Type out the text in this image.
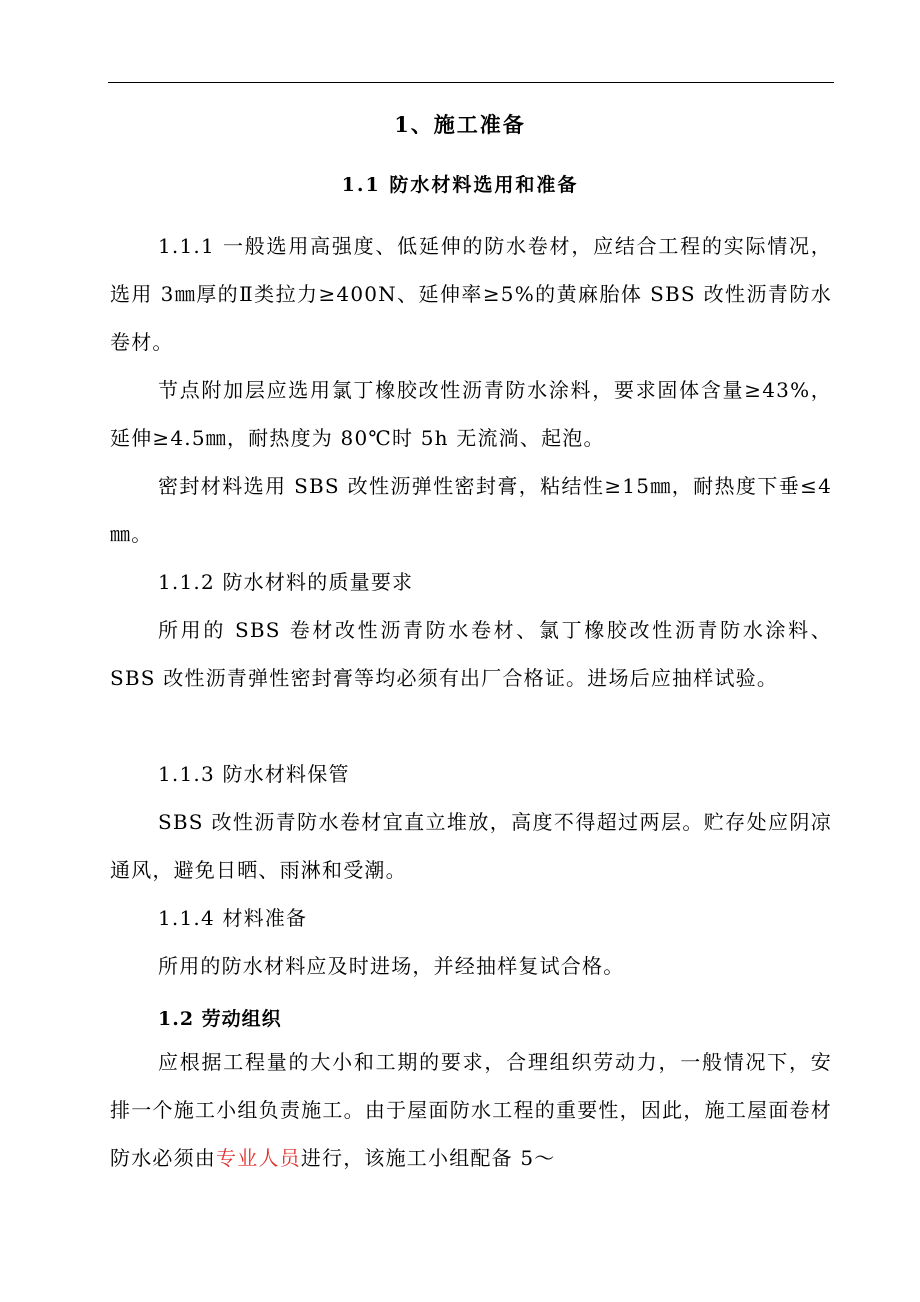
1、施工准备
1.1 防水材料选用和准备

1.1.1 一般选用高强度、低延伸的防水卷材，应结合工程的实际情况，选用 3㎜厚的Ⅱ类拉力≥400N、延伸率≥5%的黄麻胎体 SBS 改性沥青防水卷材。

节点附加层应选用氯丁橡胶改性沥青防水涂料，要求固体含量≥43%，延伸≥4.5㎜，耐热度为 80℃时 5h 无流淌、起泡。

密封材料选用 SBS 改性沥弹性密封膏，粘结性≥15㎜，耐热度下垂≤4㎜。

1.1.2 防水材料的质量要求

所用的 SBS 卷材改性沥青防水卷材、氯丁橡胶改性沥青防水涂料、SBS 改性沥青弹性密封膏等均必须有出厂合格证。进场后应抽样试验。

1.1.3 防水材料保管

SBS 改性沥青防水卷材宜直立堆放，高度不得超过两层。贮存处应阴凉通风，避免日晒、雨淋和受潮。

1.1.4 材料准备

所用的防水材料应及时进场，并经抽样复试合格。

1.2 劳动组织

应根据工程量的大小和工期的要求，合理组织劳动力，一般情况下，安排一个施工小组负责施工。由于屋面防水工程的重要性，因此，施工屋面卷材防水必须由专业人员进行，该施工小组配备 5～
